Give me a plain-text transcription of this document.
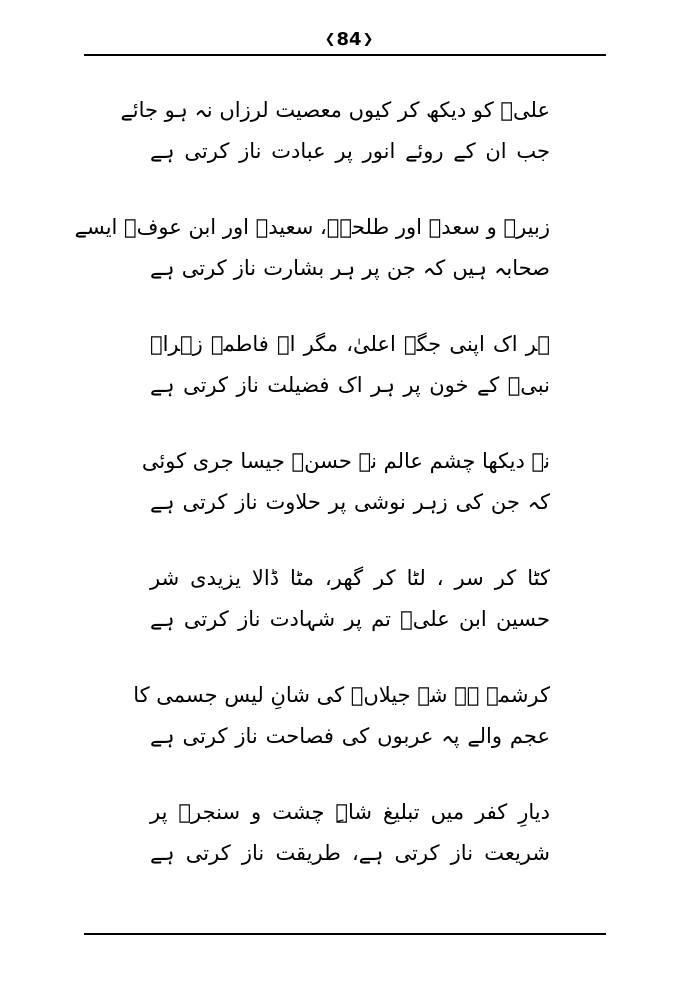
❮84❯
علیؓ کو دیکھ کر کیوں معصیت لرزاں نہ ہو جائے
جب ان کے روئے انور پر عبادت ناز کرتی ہے
زبیرؓ و سعدؓ اور طلحہؓ، سعیدؓ اور ابن عوفؓ ایسے
صحابہ ہیں کہ جن پر ہر بشارت ناز کرتی ہے
ہر اک اپنی جگہ اعلیٰ، مگر اے فاطمہ زہراؓ
نبیؐ کے خون پر ہر اک فضیلت ناز کرتی ہے
نہ دیکھا چشم عالم نے حسنؓ جیسا جری کوئی
کہ جن کی زہر نوشی پر حلاوت ناز کرتی ہے
کٹا کر سر ، لٹا کر گھر، مٹا ڈالا یزیدی شر
حسین ابن علیؓ تم پر شہادت ناز کرتی ہے
کرشمہ ہے شہ جیلاںؓ کی شانِ لیس جسمی کا
عجم والے پہ عربوں کی فصاحت ناز کرتی ہے
دیارِ کفر میں تبلیغ شاہِ چشت و سنجرؒ پر
شریعت ناز کرتی ہے، طریقت ناز کرتی ہے
